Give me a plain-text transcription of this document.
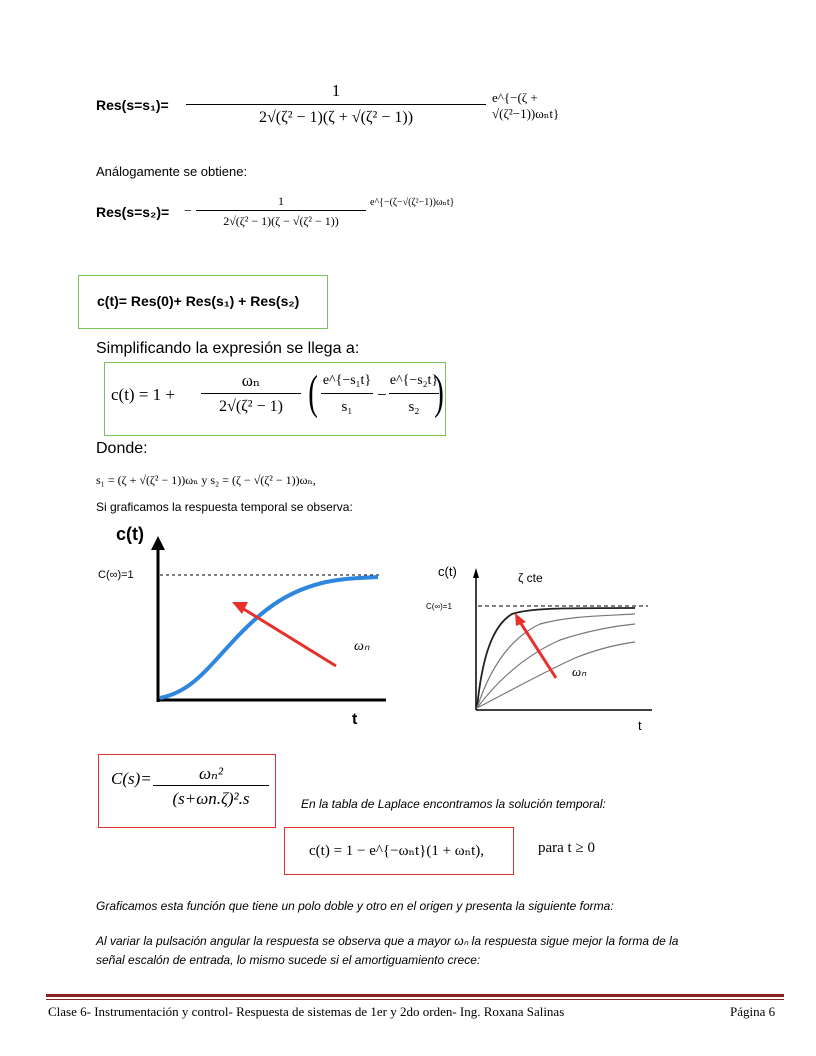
Res(s=s₁)=
1
2√(ζ² − 1)(ζ + √(ζ² − 1))
e^{−(ζ + √(ζ²−1))ωₙt}
Análogamente se obtiene:
Res(s=s₂)= −
1
2√(ζ² − 1)(ζ − √(ζ² − 1))
e^{−(ζ−√(ζ²−1))ωₙt}
c(t)= Res(0)+ Res(s₁) + Res(s₂)
Simplificando la expresión se llega a:
c(t) = 1 +
ωₙ
2√(ζ² − 1) ( e^{−s₁t}
s₁
−
e^{−s₂t}
s₂ )
Donde:
s₁ = (ζ + √(ζ² − 1))ωₙ y s₂ = (ζ − √(ζ² − 1))ωₙ,
Si graficamos la respuesta temporal se observa:
c(t)
t
C(∞)=1
ωₙ
c(t)	ζ cte
t
C(∞)=1
ωₙ
C(s)=	ωₙ²
(s+ωn.ζ)².s	En la tabla de Laplace encontramos la solución temporal:
c(t) = 1 − e^{−ωₙt}(1 + ωₙt),	para t ≥ 0
Graficamos esta función que tiene un polo doble y otro en el origen y presenta la siguiente forma:
Al variar la pulsación angular la respuesta se observa que a mayor ωₙ la respuesta sigue mejor la forma de la
señal escalón de entrada, lo mismo sucede si el amortiguamiento crece:
Clase 6- Instrumentación y control- Respuesta de sistemas de 1er y 2do orden- Ing. Roxana Salinas	Página 6
